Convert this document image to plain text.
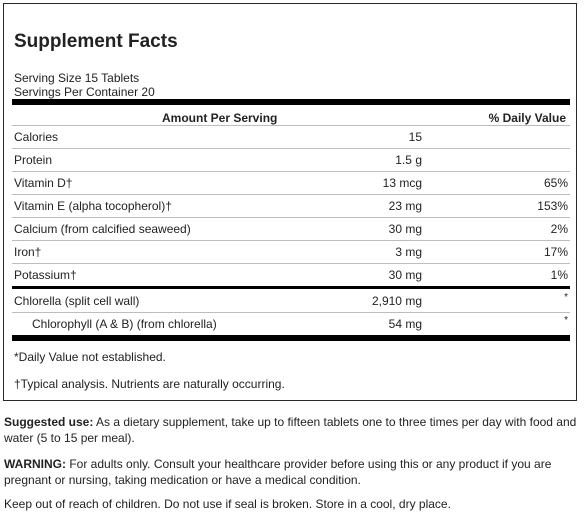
Supplement Facts
Serving Size 15 Tablets
Servings Per Container 20
Amount Per Serving	% Daily Value
Calories	15
Protein	1.5 g
Vitamin D†	13 mcg	65%
Vitamin E (alpha tocopherol)†	23 mg	153%
Calcium (from calcified seaweed)	30 mg	2%
Iron†	3 mg	17%
Potassium†	30 mg	1%
Chlorella (split cell wall)	2,910 mg	*
Chlorophyll (A & B) (from chlorella)	54 mg	*
*Daily Value not established.
†Typical analysis. Nutrients are naturally occurring.
Suggested use: As a dietary supplement, take up to fifteen tablets one to three times per day with food and water (5 to 15 per meal).
WARNING: For adults only. Consult your healthcare provider before using this or any product if you are pregnant or nursing, taking medication or have a medical condition.
Keep out of reach of children. Do not use if seal is broken. Store in a cool, dry place.
